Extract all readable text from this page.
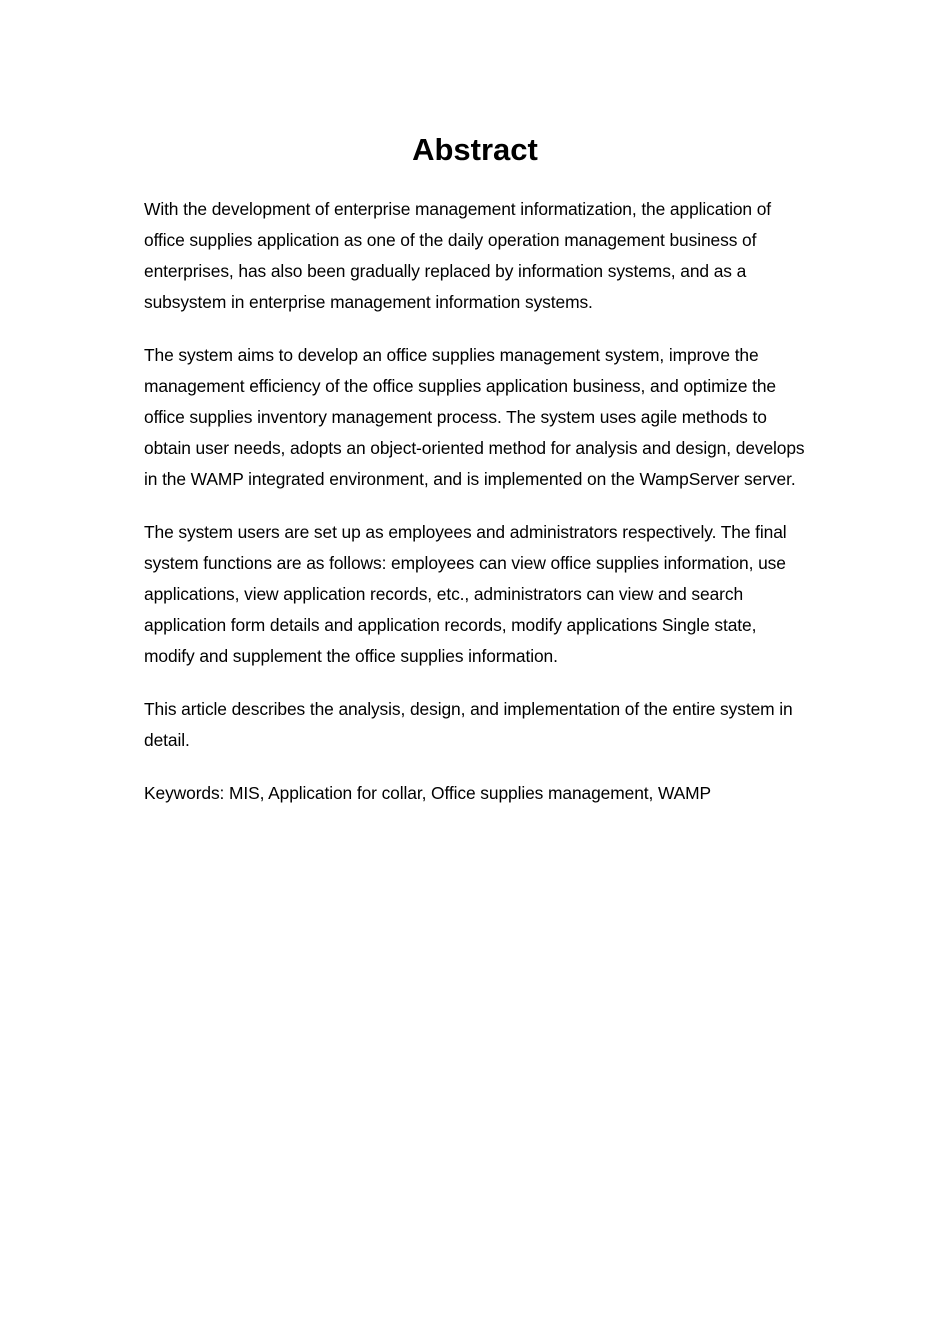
Abstract

With the development of enterprise management informatization, the application of office supplies application as one of the daily operation management business of enterprises, has also been gradually replaced by information systems, and as a subsystem in enterprise management information systems.

The system aims to develop an office supplies management system, improve the management efficiency of the office supplies application business, and optimize the office supplies inventory management process. The system uses agile methods to obtain user needs, adopts an object-oriented method for analysis and design, develops in the WAMP integrated environment, and is implemented on the WampServer server.

The system users are set up as employees and administrators respectively. The final system functions are as follows: employees can view office supplies information, use applications, view application records, etc., administrators can view and search application form details and application records, modify applications Single state, modify and supplement the office supplies information.

This article describes the analysis, design, and implementation of the entire system in detail.

Keywords: MIS, Application for collar, Office supplies management, WAMP
